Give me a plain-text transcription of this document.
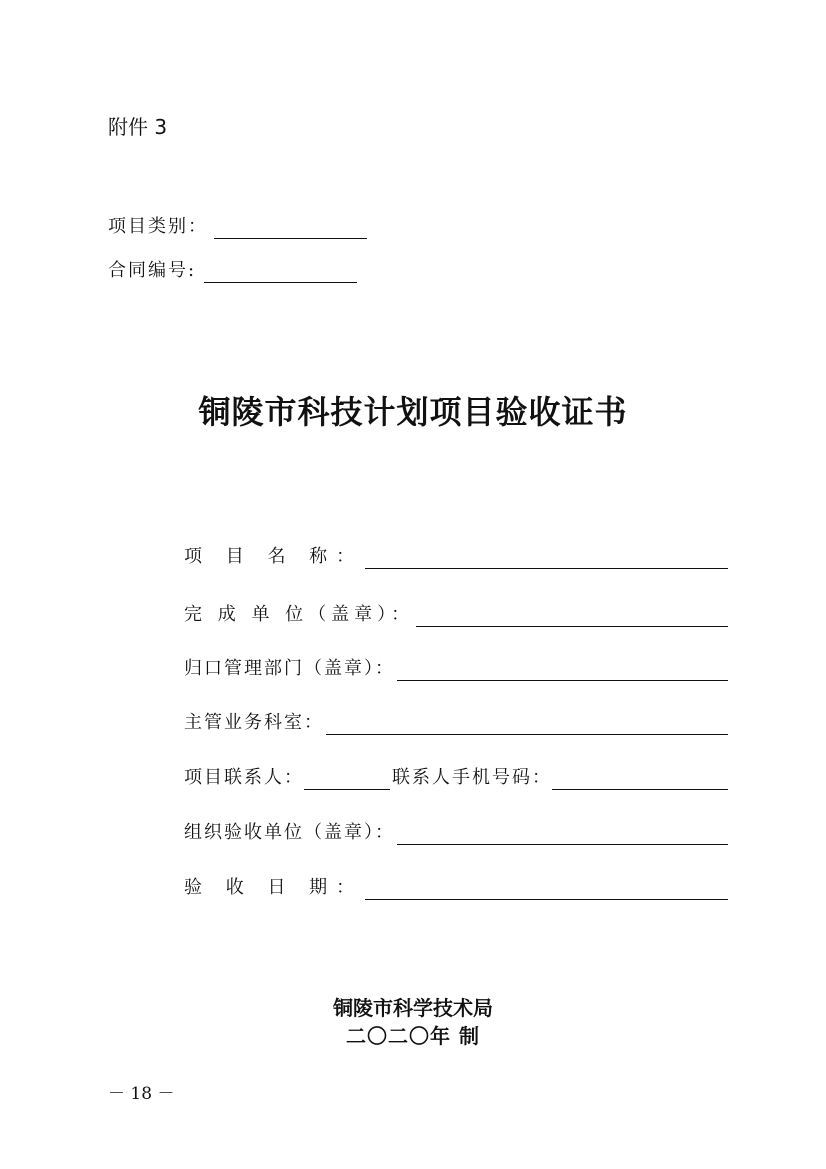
附件 3
项目类别：
合同编号:
铜陵市科技计划项目验收证书
项 目 名 称：
完 成 单 位（盖章）：
归口管理部门（盖章）：
主管业务科室：
项目联系人：	联系人手机号码：
组织验收单位（盖章）：
验 收 日 期：
铜陵市科学技术局
二〇二〇年 制
－ 18 －
